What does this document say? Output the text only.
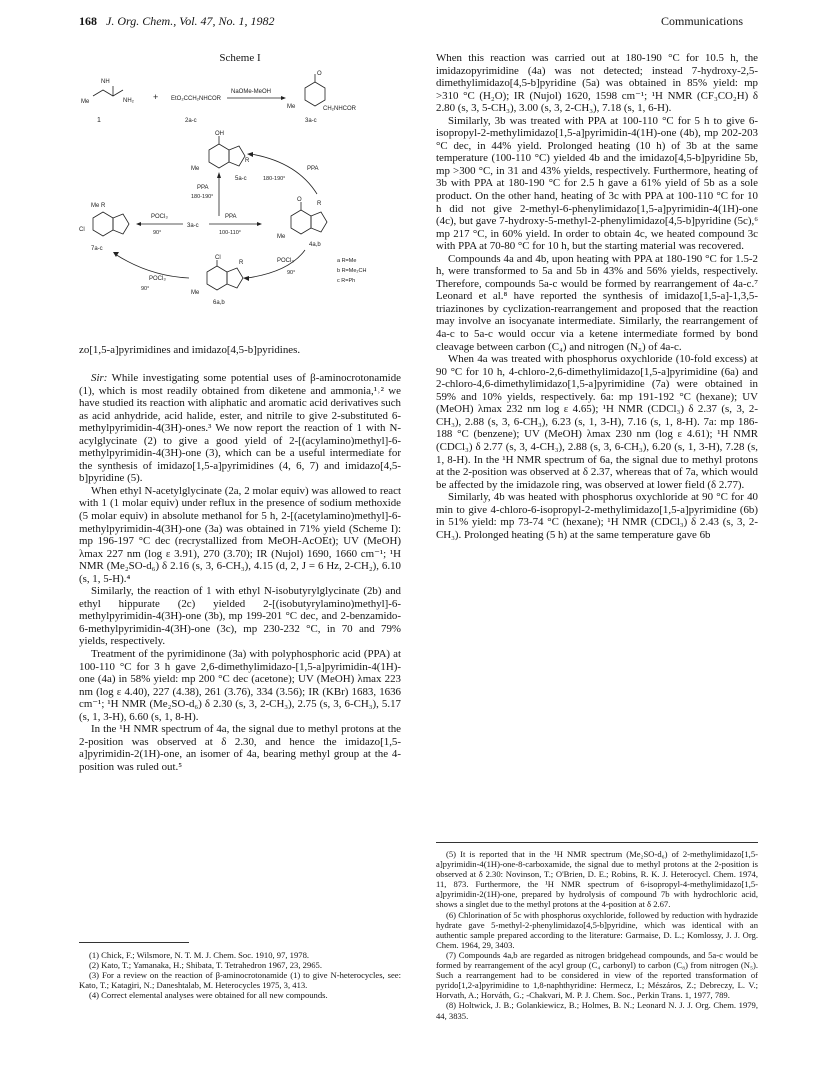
168 J. Org. Chem., Vol. 47, No. 1, 1982	Communications
Scheme I
NH
Me	NH₂
1
+ EtO₂CCH₂NHCOR
2a-c
NaOMe-MeOH
O
Me	CH₂NHCOR
3a-c
OH
Me
R
5a-c
PPA
180-190°
PPA
180-190°
Me R
Cl
7a-c
POCl₃
90°
3a-c
PPA
100-110°
O
R
Me
4a,b
Cl
R
Me
6a,b
POCl₃
90°
POCl₃
90°
a R=Me
b R=Me₂CH
c R=Ph
zo[1,5-a]pyrimidines and imidazo[4,5-b]pyridines.

Sir: While investigating some potential uses of β-aminocrotonamide (1), which is most readily obtained from diketene and ammonia,¹˒² we have studied its reaction with aliphatic and aromatic acid derivatives such as acid anhydride, acid halide, ester, and nitrile to give 2-substituted 6-methylpyrimidin-4(3H)-ones.³ We now report the reaction of 1 with N-acylglycinate (2) to give a good yield of 2-[(acylamino)methyl]-6-methylpyrimidin-4(3H)-one (3), which can be a useful intermediate for the synthesis of imidazo[1,5-a]pyrimidines (4, 6, 7) and imidazo[4,5-b]pyridine (5).

When ethyl N-acetylglycinate (2a, 2 molar equiv) was allowed to react with 1 (1 molar equiv) under reflux in the presence of sodium methoxide (5 molar equiv) in absolute methanol for 5 h, 2-[(acetylamino)methyl]-6-methylpyrimidin-4(3H)-one (3a) was obtained in 71% yield (Scheme I): mp 196-197 °C dec (recrystallized from MeOH-AcOEt); UV (MeOH) λmax 227 nm (log ε 3.91), 270 (3.70); IR (Nujol) 1690, 1660 cm⁻¹; ¹H NMR (Me₂SO-d₆) δ 2.16 (s, 3, 6-CH₃), 4.15 (d, 2, J = 6 Hz, 2-CH₂), 6.10 (s, 1, 5-H).⁴

Similarly, the reaction of 1 with ethyl N-isobutyrylglycinate (2b) and ethyl hippurate (2c) yielded 2-[(isobutyrylamino)methyl]-6-methylpyrimidin-4(3H)-one (3b), mp 199-201 °C dec, and 2-benzamido-6-methylpyrimidin-4(3H)-one (3c), mp 230-232 °C, in 70 and 79% yields, respectively.

Treatment of the pyrimidinone (3a) with polyphosphoric acid (PPA) at 100-110 °C for 3 h gave 2,6-dimethylimidazo-[1,5-a]pyrimidin-4(1H)-one (4a) in 58% yield: mp 200 °C dec (acetone); UV (MeOH) λmax 223 nm (log ε 4.40), 227 (4.38), 261 (3.76), 334 (3.56); IR (KBr) 1683, 1636 cm⁻¹; ¹H NMR (Me₂SO-d₆) δ 2.30 (s, 3, 2-CH₃), 2.75 (s, 3, 6-CH₃), 5.17 (s, 1, 3-H), 6.60 (s, 1, 8-H).

In the ¹H NMR spectrum of 4a, the signal due to methyl protons at the 2-position was observed at δ 2.30, and hence the imidazo[1,5-a]pyrimidin-2(1H)-one, an isomer of 4a, bearing methyl group at the 4-position was ruled out.⁵

(1) Chick, F.; Wilsmore, N. T. M. J. Chem. Soc. 1910, 97, 1978.

(2) Kato, T.; Yamanaka, H.; Shibata, T. Tetrahedron 1967, 23, 2965.

(3) For a review on the reaction of β-aminocrotonamide (1) to give N-heterocycles, see: Kato, T.; Katagiri, N.; Daneshtalab, M. Heterocycles 1975, 3, 413.

(4) Correct elemental analyses were obtained for all new compounds.

When this reaction was carried out at 180-190 °C for 10.5 h, the imidazopyrimidine (4a) was not detected; instead 7-hydroxy-2,5-dimethylimidazo[4,5-b]pyridine (5a) was obtained in 85% yield: mp >310 °C (H₂O); IR (Nujol) 1620, 1598 cm⁻¹; ¹H NMR (CF₃CO₂H) δ 2.80 (s, 3, 5-CH₃), 3.00 (s, 3, 2-CH₃), 7.18 (s, 1, 6-H).

Similarly, 3b was treated with PPA at 100-110 °C for 5 h to give 6-isopropyl-2-methylimidazo[1,5-a]pyrimidin-4(1H)-one (4b), mp 202-203 °C dec, in 44% yield. Prolonged heating (10 h) of 3b at the same temperature (100-110 °C) yielded 4b and the imidazo[4,5-b]pyridine 5b, mp >300 °C, in 31 and 43% yields, respectively. Furthermore, heating of 3b with PPA at 180-190 °C for 2.5 h gave a 61% yield of 5b as a sole product. On the other hand, heating of 3c with PPA at 100-110 °C for 10 h did not give 2-methyl-6-phenylimidazo[1,5-a]pyrimidin-4(1H)-one (4c), but gave 7-hydroxy-5-methyl-2-phenylimidazo[4,5-b]pyridine (5c),⁶ mp 217 °C, in 60% yield. In order to obtain 4c, we heated compound 3c with PPA at 70-80 °C for 10 h, but the starting material was recovered.

Compounds 4a and 4b, upon heating with PPA at 180-190 °C for 1.5-2 h, were transformed to 5a and 5b in 43% and 56% yields, respectively. Therefore, compounds 5a-c would be formed by rearrangement of 4a-c.⁷ Leonard et al.⁸ have reported the synthesis of imidazo[1,5-a]-1,3,5-triazinones by cyclization-rearrangement and proposed that the reaction may involve an isocyanate intermediate. Similarly, the rearrangement of 4a-c to 5a-c would occur via a ketene intermediate formed by bond cleavage between carbon (C₄) and nitrogen (N₅) of 4a-c.

When 4a was treated with phosphorus oxychloride (10-fold excess) at 90 °C for 10 h, 4-chloro-2,6-dimethylimidazo[1,5-a]pyrimidine (6a) and 2-chloro-4,6-dimethylimidazo[1,5-a]pyrimidine (7a) were obtained in 59% and 10% yields, respectively. 6a: mp 191-192 °C (hexane); UV (MeOH) λmax 232 nm log ε 4.65); ¹H NMR (CDCl₃) δ 2.37 (s, 3, 2-CH₃), 2.88 (s, 3, 6-CH₃), 6.23 (s, 1, 3-H), 7.16 (s, 1, 8-H). 7a: mp 186-188 °C (benzene); UV (MeOH) λmax 230 nm (log ε 4.61); ¹H NMR (CDCl₃) δ 2.77 (s, 3, 4-CH₃), 2.88 (s, 3, 6-CH₃), 6.20 (s, 1, 3-H), 7.28 (s, 1, 8-H). In the ¹H NMR spectrum of 6a, the signal due to methyl protons at the 2-position was observed at δ 2.37, whereas that of 7a, which would be affected by the imidazole ring, was observed at lower field (δ 2.77).

Similarly, 4b was heated with phosphorus oxychloride at 90 °C for 40 min to give 4-chloro-6-isopropyl-2-methylimidazo[1,5-a]pyrimidine (6b) in 51% yield: mp 73-74 °C (hexane); ¹H NMR (CDCl₃) δ 2.43 (s, 3, 2-CH₃). Prolonged heating (5 h) at the same temperature gave 6b

(5) It is reported that in the ¹H NMR spectrum (Me₂SO-d₆) of 2-methylimidazo[1,5-a]pyrimidin-4(1H)-one-8-carboxamide, the signal due to methyl protons at the 2-position is observed at δ 2.30: Novinson, T.; O'Brien, D. E.; Robins, R. K. J. Heterocycl. Chem. 1974, 11, 873. Furthermore, the ¹H NMR spectrum of 6-isopropyl-4-methylimidazo[1,5-a]pyrimidin-2(1H)-one, prepared by hydrolysis of compound 7b with hydrochloric acid, shows a singlet due to the methyl protons at the 4-position at δ 2.67.

(6) Chlorination of 5c with phosphorus oxychloride, followed by reduction with hydrazide hydrate gave 5-methyl-2-phenylimidazo[4,5-b]pyridine, which was identical with an authentic sample prepared according to the literature: Garmaise, D. L.; Komlossy, J. J. Org. Chem. 1964, 29, 3403.

(7) Compounds 4a,b are regarded as nitrogen bridgehead compounds, and 5a-c would be formed by rearrangement of the acyl group (C₄ carbonyl) to carbon (C₈) from nitrogen (N₅). Such a rearrangement had to be considered in view of the reported transformation of pyrido[1,2-a]pyrimidine to 1,8-naphthyridine: Hermecz, I.; Mészáros, Z.; Debreczy, L. V.; Horvath, A.; Horváth, G.; -Chakvari, M. P. J. Chem. Soc., Perkin Trans. 1, 1977, 789.

(8) Holtwick, J. B.; Golankiewicz, B.; Holmes, B. N.; Leonard N. J. J. Org. Chem. 1979, 44, 3835.
